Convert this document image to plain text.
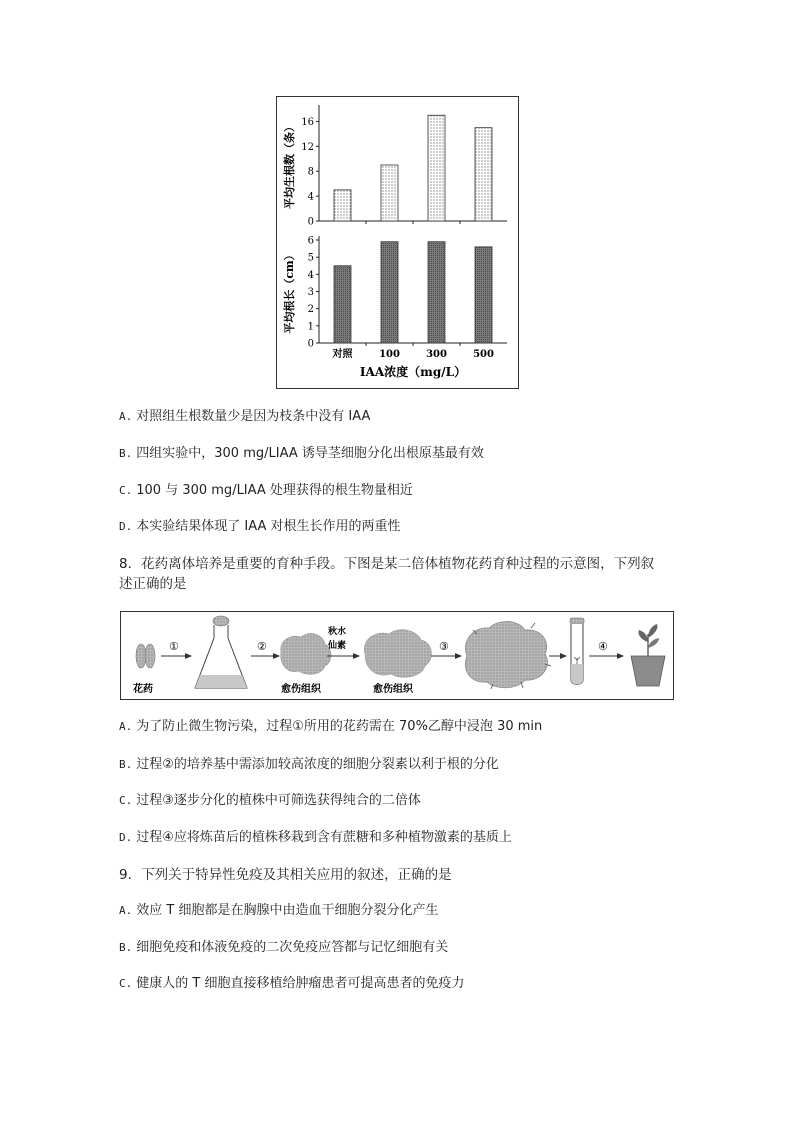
0
4
8
12
16
平均生根数（条）
0
1
2
3
4
5
6
对照	100	300	500
平均根长（cm）
IAA浓度（mg/L）
A. 对照组生根数量少是因为枝条中没有 IAA
B. 四组实验中，300 mg/LIAA 诱导茎细胞分化出根原基最有效
C. 100 与 300 mg/LIAA 处理获得的根生物量相近
D. 本实验结果体现了 IAA 对根生长作用的两重性
8．花药离体培养是重要的育种手段。下图是某二倍体植物花药育种过程的示意图，下列叙
述正确的是
花药
①	②
愈伤组织
秋水
仙素
愈伤组织
③	④
A. 为了防止微生物污染，过程①所用的花药需在 70%乙醇中浸泡 30 min
B. 过程②的培养基中需添加较高浓度的细胞分裂素以利于根的分化
C. 过程③逐步分化的植株中可筛选获得纯合的二倍体
D. 过程④应将炼苗后的植株移栽到含有蔗糖和多种植物激素的基质上
9．下列关于特异性免疫及其相关应用的叙述，正确的是
A. 效应 T 细胞都是在胸腺中由造血干细胞分裂分化产生
B. 细胞免疫和体液免疫的二次免疫应答都与记忆细胞有关
C. 健康人的 T 细胞直接移植给肿瘤患者可提高患者的免疫力
